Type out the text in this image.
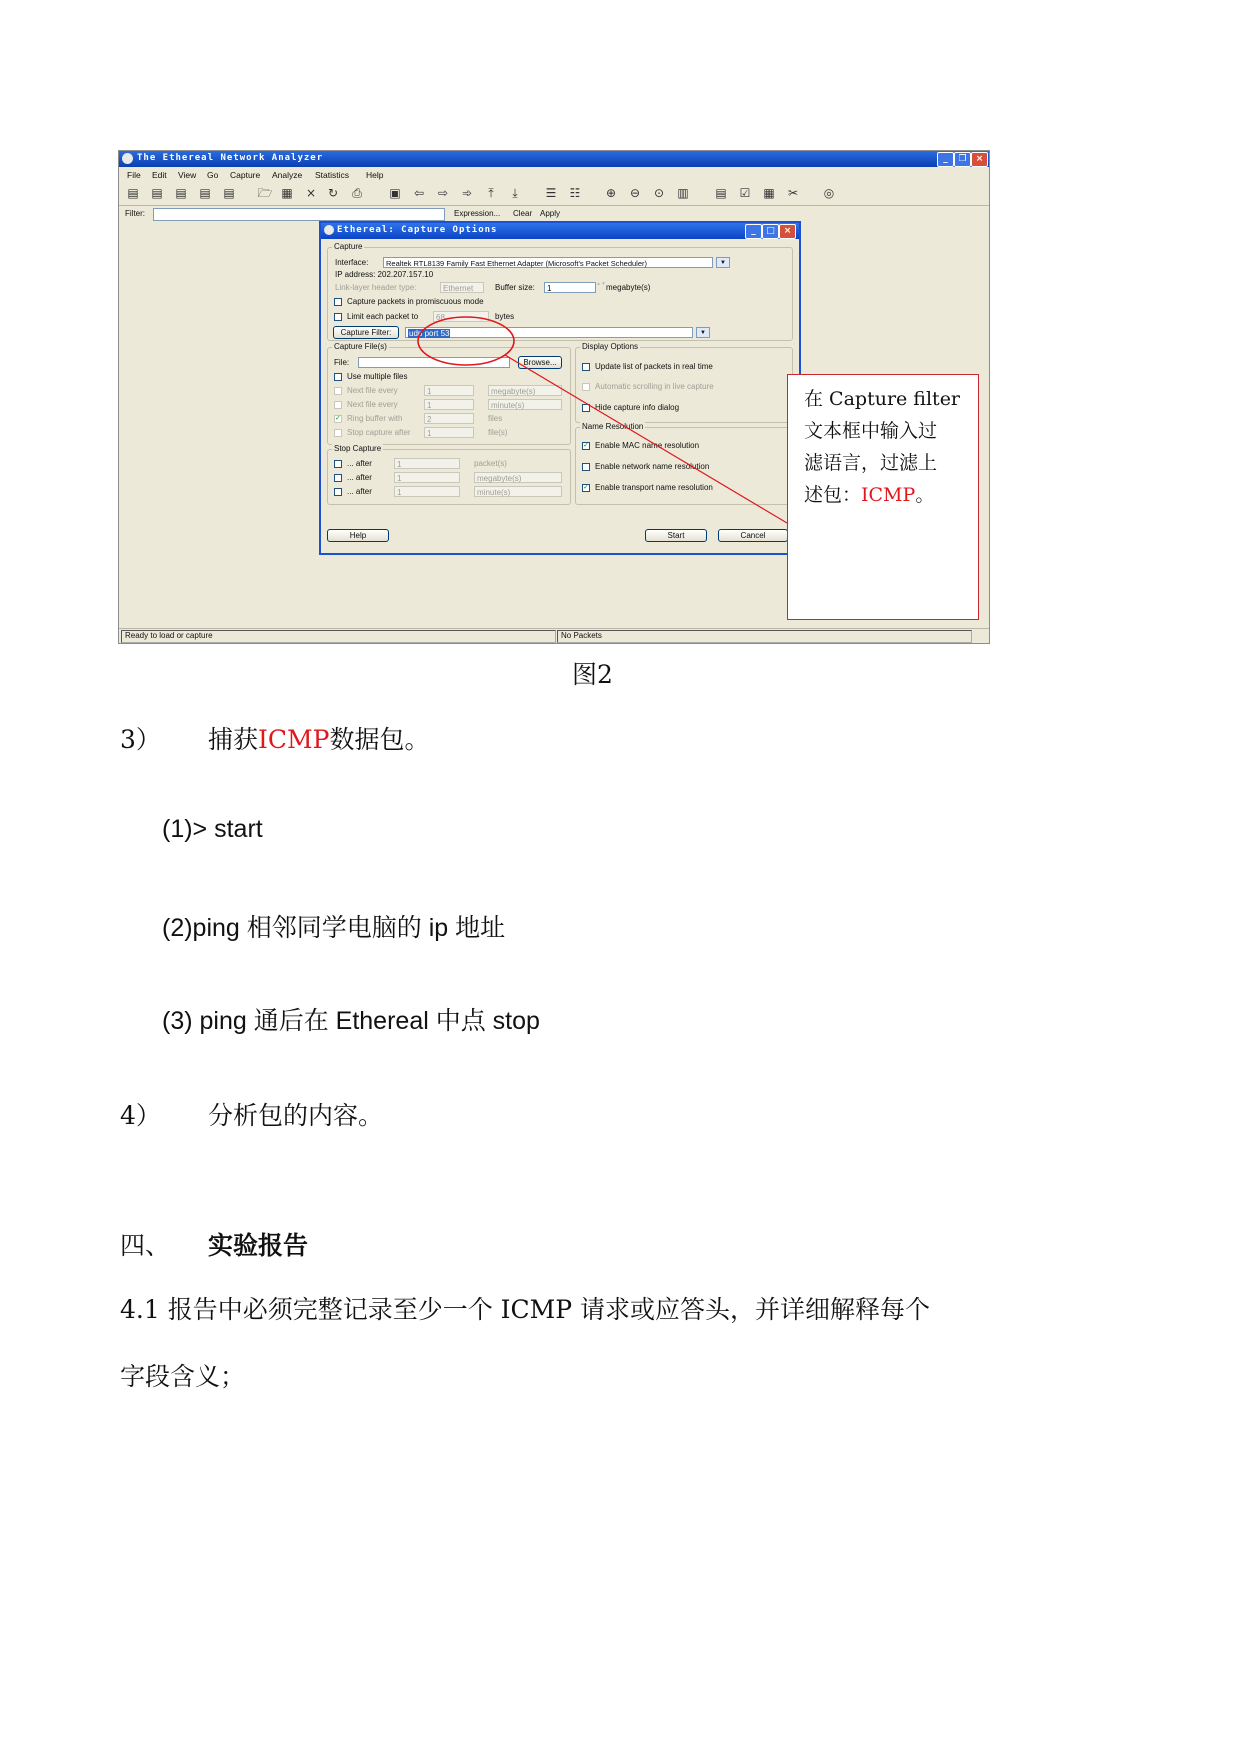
The Ethereal Network Analyzer	_	❐	×
File Edit View Go Capture Analyze Statistics Help
▤ ▤ ▤ ▤ ▤ 🗁 ▦ × ↻ ⎙ ▣ ⇦ ⇨ ➾	⤒	⤓	☰ ☷ ⊕ ⊖ ⊙ ▥ ▤ ☑ ▦ ✂ ◎
Filter:	Expression... Clear Apply
Ready to load or capture	No Packets
Ethereal: Capture Options	_	□ ×
Capture
Interface:	Realtek RTL8139 Family Fast Ethernet Adapter (Microsoft's Packet Scheduler)	▼
IP address: 202.207.157.10
Link-layer header type:	Ethernet	Buffer size:	1	▲▼ megabyte(s)
Capture packets in promiscuous mode
Limit each packet to	68	bytes
Capture Filter:	udp port 53	▼
Capture File(s)
File:	Browse...
Use multiple files
Next file every	1	megabyte(s)
Next file every	1	minute(s)
✓ Ring buffer with	2	files
Stop capture after	1	file(s)
Stop Capture
... after	1	packet(s)
... after	1	megabyte(s)
... after	1	minute(s)
Display Options
Update list of packets in real time
Automatic scrolling in live capture
Hide capture info dialog
Name Resolution
✓ Enable MAC name resolution
Enable network name resolution
✓ Enable transport name resolution
Help	Start	Cancel
在 Capture filter
文本框中输入过
滤语言，过滤上
述包：ICMP。
图2
3） 捕获ICMP数据包。
(1)> start
(2)ping 相邻同学电脑的 ip 地址
(3) ping 通后在 Ethereal 中点 stop
4） 分析包的内容。
四、 实验报告
4.1 报告中必须完整记录至少一个 ICMP 请求或应答头，并详细解释每个
字段含义；
